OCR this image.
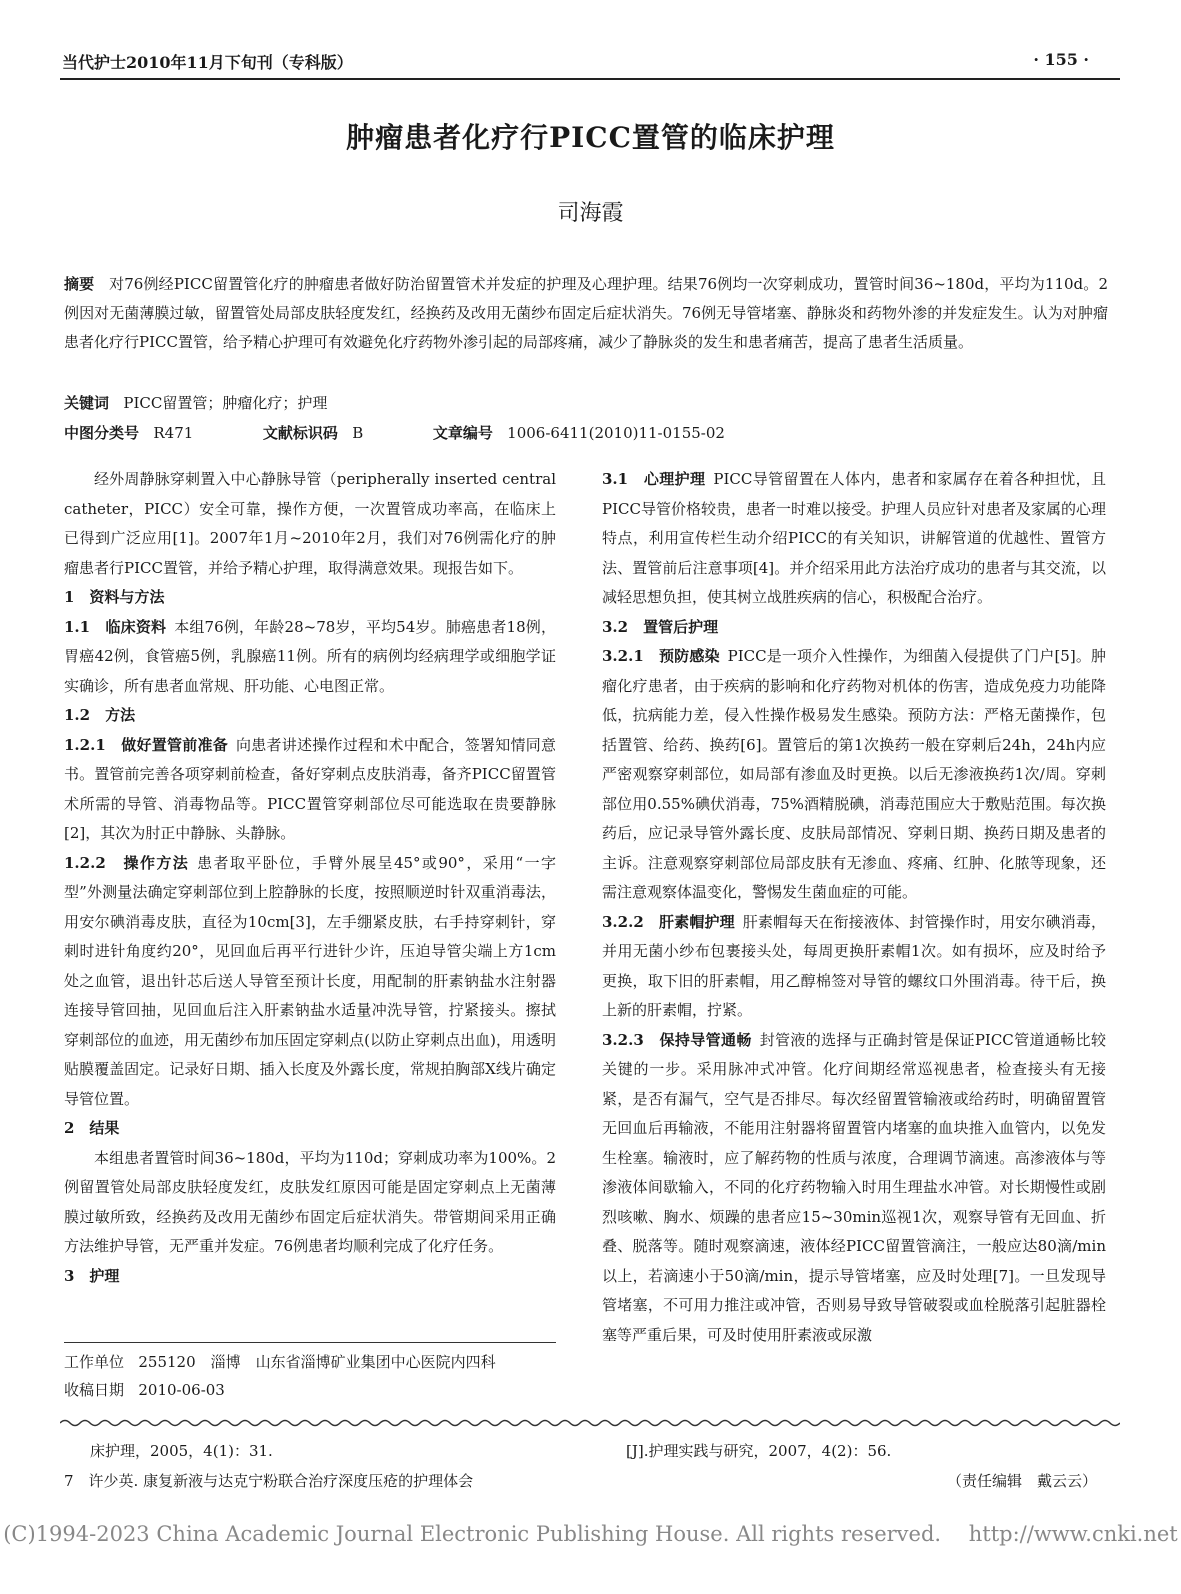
当代护士2010年11月下旬刊（专科版）	· 155 ·
肿瘤患者化疗行PICC置管的临床护理
司海霞
摘要 对76例经PICC留置管化疗的肿瘤患者做好防治留置管术并发症的护理及心理护理。结果76例均一次穿刺成功，置管时间36~180d，平均为110d。2例因对无菌薄膜过敏，留置管处局部皮肤轻度发红，经换药及改用无菌纱布固定后症状消失。76例无导管堵塞、静脉炎和药物外渗的并发症发生。认为对肿瘤患者化疗行PICC置管，给予精心护理可有效避免化疗药物外渗引起的局部疼痛，减少了静脉炎的发生和患者痛苦，提高了患者生活质量。
关键词 PICC留置管；肿瘤化疗；护理
中图分类号 R471	文献标识码 B	文章编号 1006-6411(2010)11-0155-02

经外周静脉穿刺置入中心静脉导管（peripherally inserted central catheter，PICC）安全可靠，操作方便，一次置管成功率高，在临床上已得到广泛应用[1]。2007年1月~2010年2月，我们对76例需化疗的肿瘤患者行PICC置管，并给予精心护理，取得满意效果。现报告如下。

1　资料与方法

1.1　临床资料 本组76例，年龄28~78岁，平均54岁。肺癌患者18例，胃癌42例，食管癌5例，乳腺癌11例。所有的病例均经病理学或细胞学证实确诊，所有患者血常规、肝功能、心电图正常。

1.2　方法

1.2.1　做好置管前准备 向患者讲述操作过程和术中配合，签署知情同意书。置管前完善各项穿刺前检查，备好穿刺点皮肤消毒，备齐PICC留置管术所需的导管、消毒物品等。PICC置管穿刺部位尽可能选取在贵要静脉[2]，其次为肘正中静脉、头静脉。

1.2.2　操作方法 患者取平卧位，手臂外展呈45°或90°，采用“一字型”外测量法确定穿刺部位到上腔静脉的长度，按照顺逆时针双重消毒法，用安尔碘消毒皮肤，直径为10cm[3]，左手绷紧皮肤，右手持穿刺针，穿刺时进针角度约20°，见回血后再平行进针少许，压迫导管尖端上方1cm处之血管，退出针芯后送人导管至预计长度，用配制的肝素钠盐水注射器连接导管回抽，见回血后注入肝素钠盐水适量冲洗导管，拧紧接头。擦拭穿刺部位的血迹，用无菌纱布加压固定穿刺点(以防止穿刺点出血)，用透明贴膜覆盖固定。记录好日期、插入长度及外露长度，常规拍胸部X线片确定导管位置。

2　结果

本组患者置管时间36~180d，平均为110d；穿刺成功率为100%。2例留置管处局部皮肤轻度发红，皮肤发红原因可能是固定穿刺点上无菌薄膜过敏所致，经换药及改用无菌纱布固定后症状消失。带管期间采用正确方法维护导管，无严重并发症。76例患者均顺利完成了化疗任务。

3　护理

工作单位 255120　淄博　山东省淄博矿业集团中心医院内四科
收稿日期 2010-06-03

3.1　心理护理 PICC导管留置在人体内，患者和家属存在着各种担忧，且PICC导管价格较贵，患者一时难以接受。护理人员应针对患者及家属的心理特点，利用宣传栏生动介绍PICC的有关知识，讲解管道的优越性、置管方法、置管前后注意事项[4]。并介绍采用此方法治疗成功的患者与其交流，以减轻思想负担，使其树立战胜疾病的信心，积极配合治疗。

3.2　置管后护理

3.2.1　预防感染 PICC是一项介入性操作，为细菌入侵提供了门户[5]。肿瘤化疗患者，由于疾病的影响和化疗药物对机体的伤害，造成免疫力功能降低，抗病能力差，侵入性操作极易发生感染。预防方法：严格无菌操作，包括置管、给药、换药[6]。置管后的第1次换药一般在穿刺后24h，24h内应严密观察穿刺部位，如局部有渗血及时更换。以后无渗液换药1次/周。穿刺部位用0.55%碘伏消毒，75%酒精脱碘，消毒范围应大于敷贴范围。每次换药后，应记录导管外露长度、皮肤局部情况、穿刺日期、换药日期及患者的主诉。注意观察穿刺部位局部皮肤有无渗血、疼痛、红肿、化脓等现象，还需注意观察体温变化，警惕发生菌血症的可能。

3.2.2　肝素帽护理 肝素帽每天在衔接液体、封管操作时，用安尔碘消毒，并用无菌小纱布包裹接头处，每周更换肝素帽1次。如有损坏，应及时给予更换，取下旧的肝素帽，用乙醇棉签对导管的螺纹口外围消毒。待干后，换上新的肝素帽，拧紧。

3.2.3　保持导管通畅 封管液的选择与正确封管是保证PICC管道通畅比较关键的一步。采用脉冲式冲管。化疗间期经常巡视患者，检查接头有无接紧，是否有漏气，空气是否排尽。每次经留置管输液或给药时，明确留置管无回血后再输液，不能用注射器将留置管内堵塞的血块推入血管内，以免发生栓塞。输液时，应了解药物的性质与浓度，合理调节滴速。高渗液体与等渗液体间歇输入，不同的化疗药物输入时用生理盐水冲管。对长期慢性或剧烈咳嗽、胸水、烦躁的患者应15~30min巡视1次，观察导管有无回血、折叠、脱落等。随时观察滴速，液体经PICC留置管滴注，一般应达80滴/min以上，若滴速小于50滴/min，提示导管堵塞，应及时处理[7]。一旦发现导管堵塞，不可用力推注或冲管，否则易导致导管破裂或血栓脱落引起脏器栓塞等严重后果，可及时使用肝素液或尿激

床护理，2005，4(1)：31.
7　许少英. 康复新液与达克宁粉联合治疗深度压疮的护理体会
[J].护理实践与研究，2007，4(2)：56.
（责任编辑　戴云云）
(C)1994-2023 China Academic Journal Electronic Publishing House. All rights reserved.　 http://www.cnki.net
